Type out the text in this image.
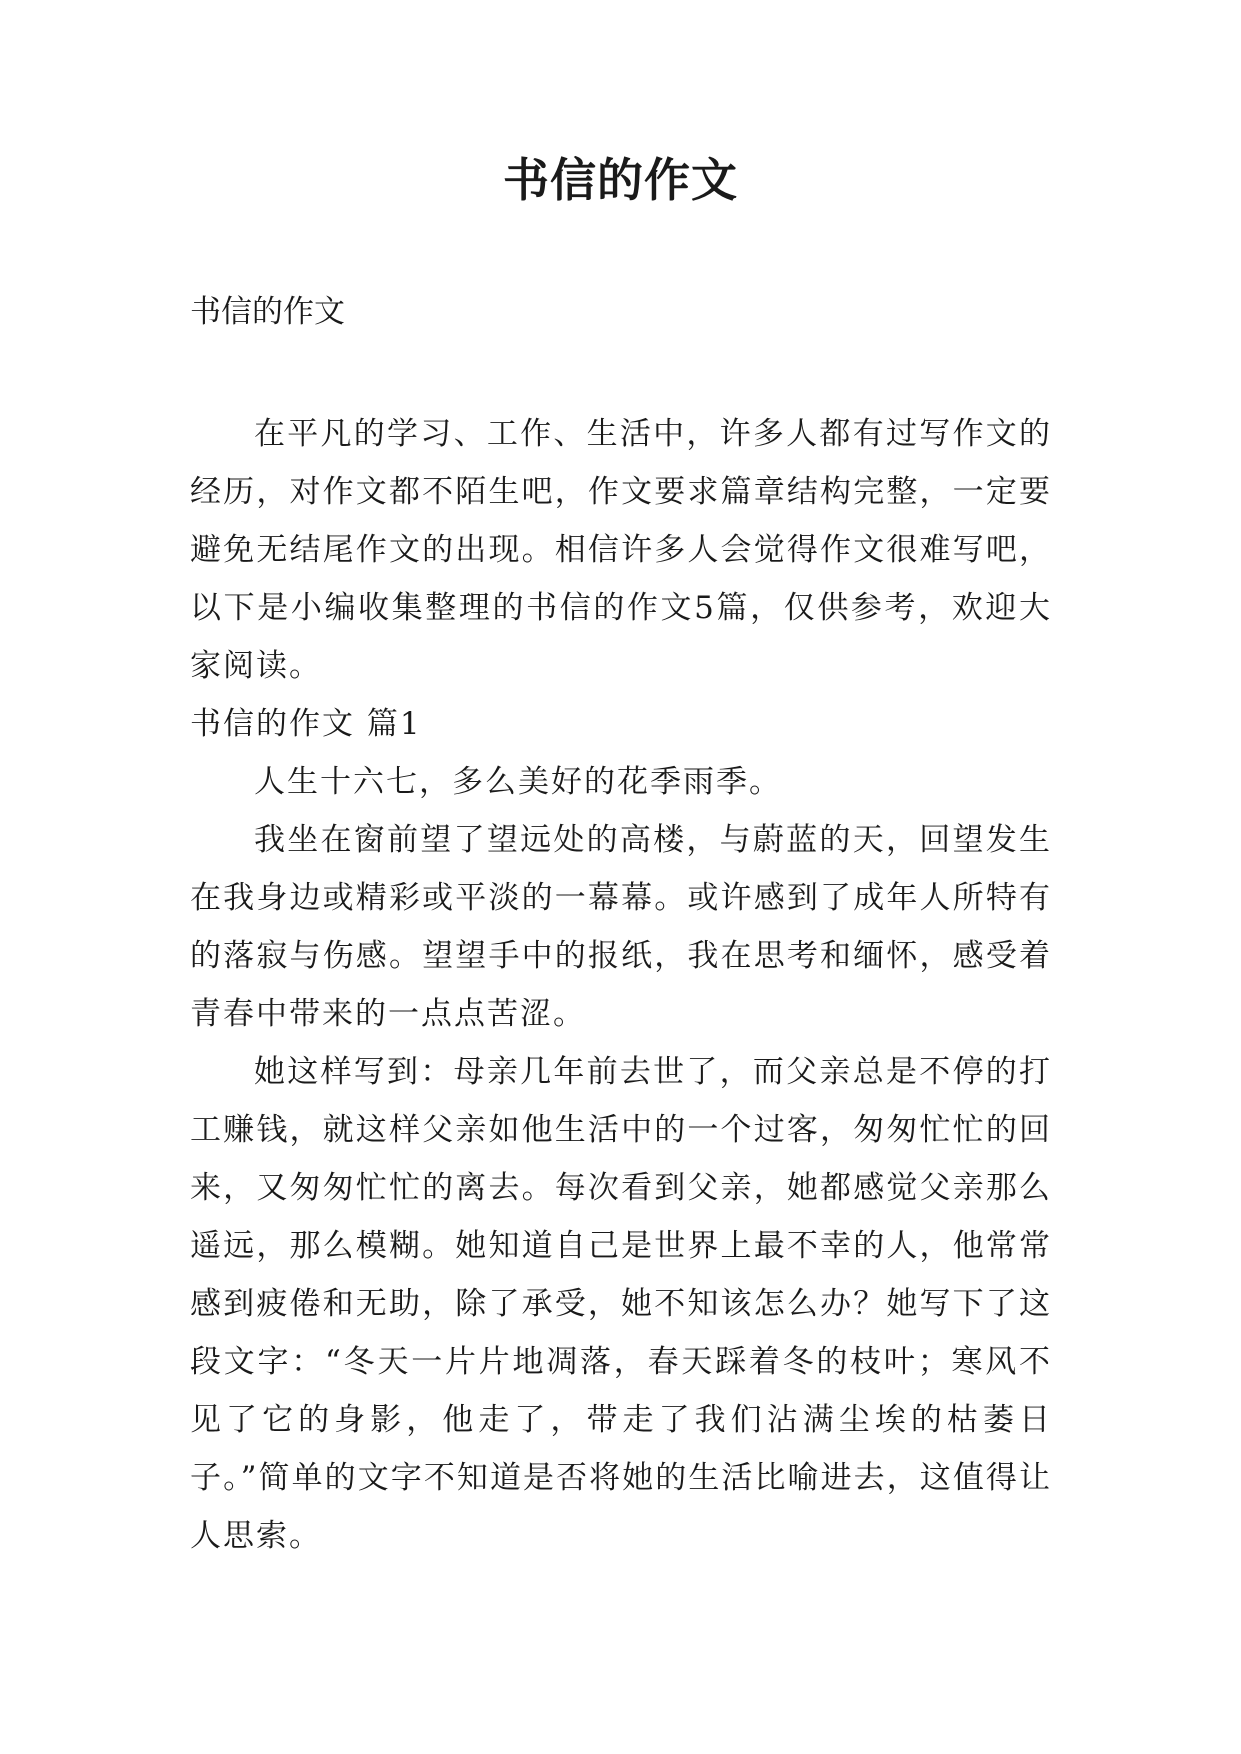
书信的作文

书信的作文

在平凡的学习、工作、生活中，许多人都有过写作文的经历，对作文都不陌生吧，作文要求篇章结构完整，一定要避免无结尾作文的出现。相信许多人会觉得作文很难写吧，以下是小编收集整理的书信的作文5篇，仅供参考，欢迎大家阅读。

书信的作文 篇1

人生十六七，多么美好的花季雨季。

我坐在窗前望了望远处的高楼，与蔚蓝的天，回望发生在我身边或精彩或平淡的一幕幕。或许感到了成年人所特有的落寂与伤感。望望手中的报纸，我在思考和缅怀，感受着青春中带来的一点点苦涩。

她这样写到：母亲几年前去世了，而父亲总是不停的打工赚钱，就这样父亲如他生活中的一个过客，匆匆忙忙的回来，又匆匆忙忙的离去。每次看到父亲，她都感觉父亲那么遥远，那么模糊。她知道自己是世界上最不幸的人，他常常感到疲倦和无助，除了承受，她不知该怎么办？她写下了这段文字：“冬天一片片地凋落，春天踩着冬的枝叶；寒风不见了它的身影，他走了，带走了我们沾满尘埃的枯萎日子。”简单的文字不知道是否将她的生活比喻进去，这值得让人思索。
